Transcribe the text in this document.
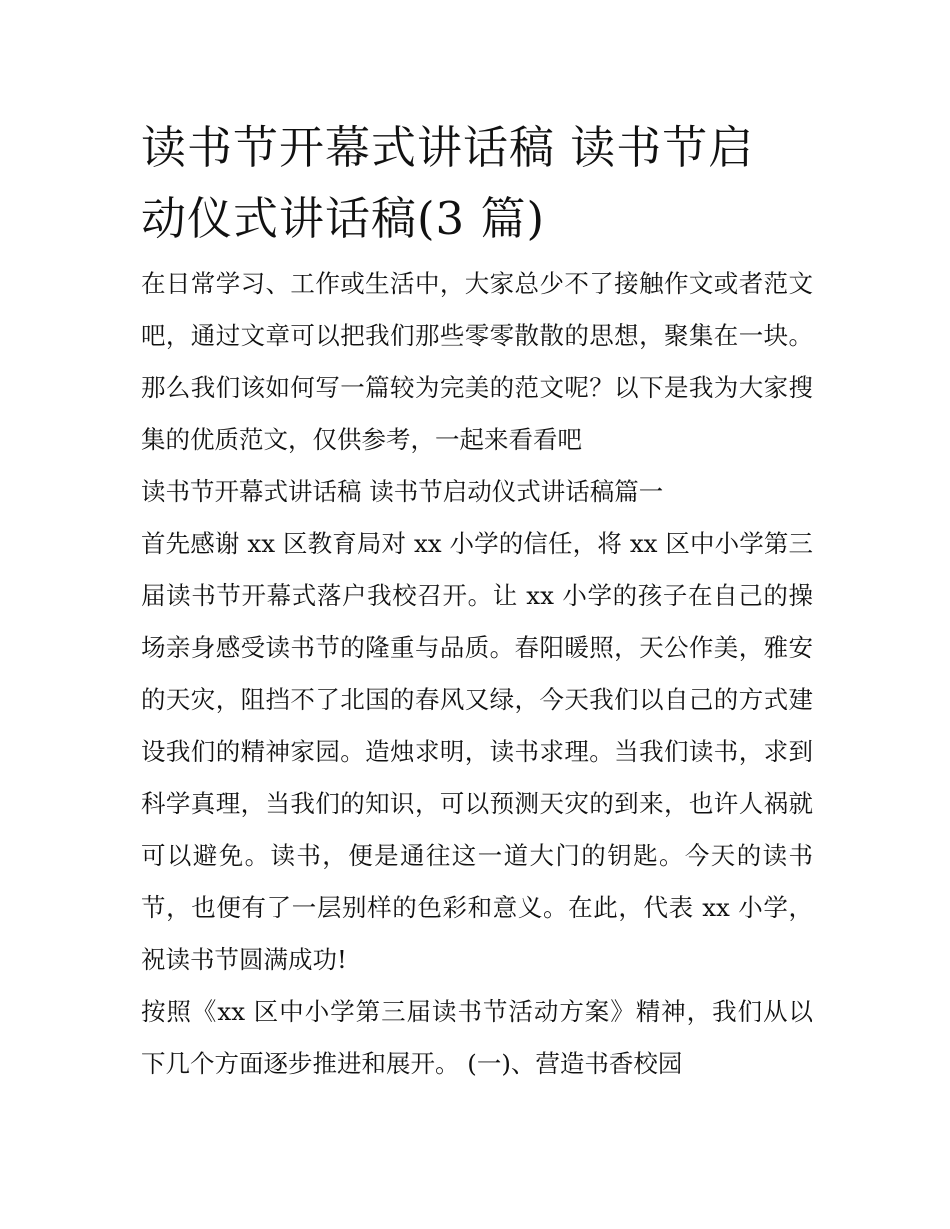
读书节开幕式讲话稿 读书节启
动仪式讲话稿(3 篇)

在日常学习、工作或生活中，大家总少不了接触作文或者范文吧，通过文章可以把我们那些零零散散的思想，聚集在一块。那么我们该如何写一篇较为完美的范文呢？以下是我为大家搜集的优质范文，仅供参考，一起来看看吧

读书节开幕式讲话稿 读书节启动仪式讲话稿篇一

首先感谢 xx 区教育局对 xx 小学的信任，将 xx 区中小学第三届读书节开幕式落户我校召开。让 xx 小学的孩子在自己的操场亲身感受读书节的隆重与品质。春阳暖照，天公作美，雅安的天灾，阻挡不了北国的春风又绿，今天我们以自己的方式建设我们的精神家园。造烛求明，读书求理。当我们读书，求到科学真理，当我们的知识，可以预测天灾的到来，也许人祸就可以避免。读书，便是通往这一道大门的钥匙。今天的读书节，也便有了一层别样的色彩和意义。在此，代表 xx 小学，祝读书节圆满成功!

按照《xx 区中小学第三届读书节活动方案》精神，我们从以下几个方面逐步推进和展开。 (一)、营造书香校园
